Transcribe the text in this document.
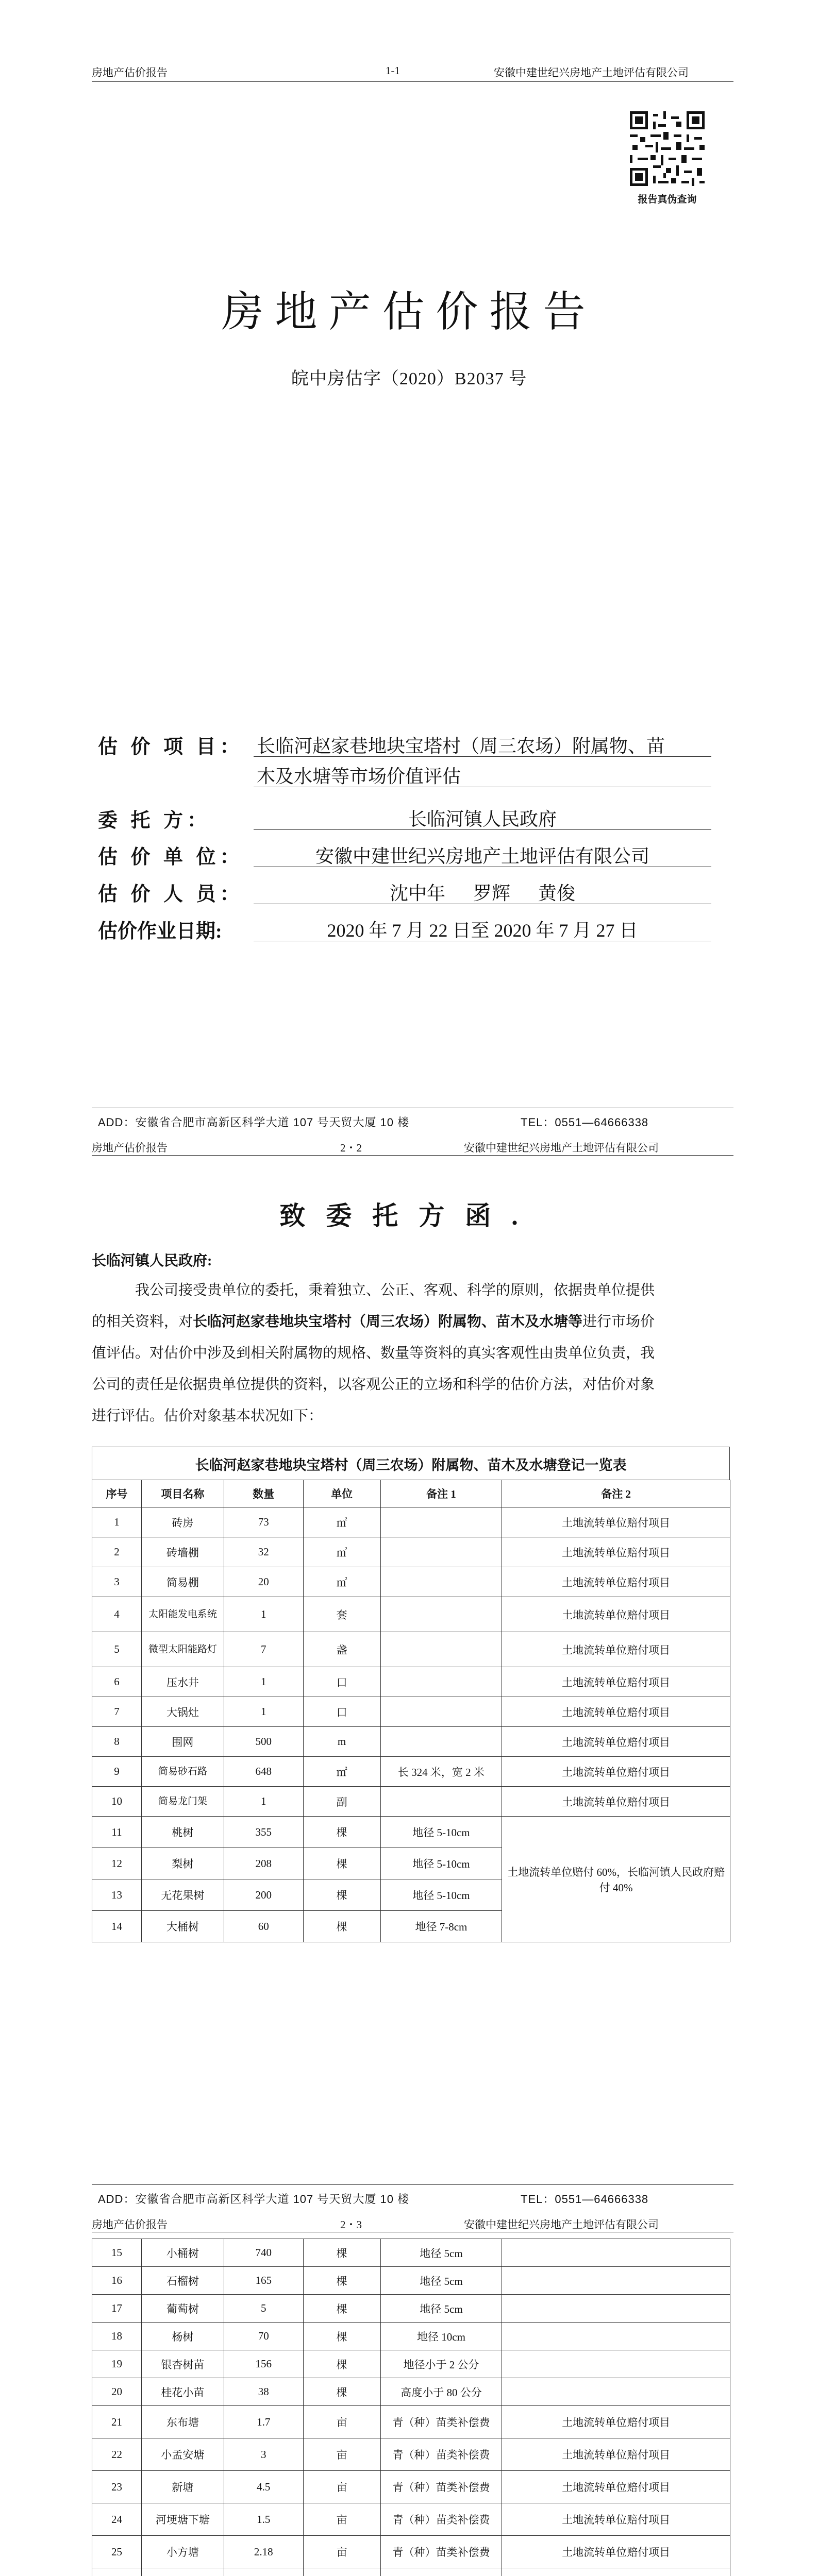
房地产估价报告	1-1	安徽中建世纪兴房地产土地评估有限公司
报告真伪查询
房地产估价报告
皖中房估字（2020）B2037 号
估 价 项 目： 长临河赵家巷地块宝塔村（周三农场）附属物、苗
木及水塘等市场价值评估
委 托 方：	长临河镇人民政府
估 价 单 位：	安徽中建世纪兴房地产土地评估有限公司
估 价 人 员：	沈中年      罗辉      黄俊
估价作业日期:	2020 年 7 月 22 日至 2020 年 7 月 27 日
ADD：安徽省合肥市高新区科学大道 107 号天贸大厦 10 楼	TEL：0551—64666338
房地产估价报告	2・2	安徽中建世纪兴房地产土地评估有限公司
致委托方函.
长临河镇人民政府:
我公司接受贵单位的委托，秉着独立、公正、客观、科学的原则，依据贵单位提供
的相关资料，对长临河赵家巷地块宝塔村（周三农场）附属物、苗木及水塘等进行市场价
值评估。对估价中涉及到相关附属物的规格、数量等资料的真实客观性由贵单位负责，我
公司的责任是依据贵单位提供的资料，以客观公正的立场和科学的估价方法，对估价对象
进行评估。估价对象基本状况如下：
长临河赵家巷地块宝塔村（周三农场）附属物、苗木及水塘登记一览表
序号	项目名称	数量	单位	备注 1	备注 2
1	砖房	73	㎡		土地流转单位赔付项目
2	砖墙棚	32	㎡		土地流转单位赔付项目
3	简易棚	20	㎡		土地流转单位赔付项目
4	太阳能发电系统	1	套		土地流转单位赔付项目
5	微型太阳能路灯	7	盏		土地流转单位赔付项目
6	压水井	1	口		土地流转单位赔付项目
7	大锅灶	1	口		土地流转单位赔付项目
8	围网	500	m		土地流转单位赔付项目
9	简易砂石路	648	㎡	长 324 米，宽 2 米	土地流转单位赔付项目
10	简易龙门架	1	副		土地流转单位赔付项目
11	桃树	355	棵	地径 5-10cm	土地流转单位赔付 60%，长临河镇人民政府赔付 40%
12	梨树	208	棵	地径 5-10cm	
13	无花果树	200	棵	地径 5-10cm	
14	大桶树	60	棵	地径 7-8cm	
ADD：安徽省合肥市高新区科学大道 107 号天贸大厦 10 楼	TEL：0551—64666338
房地产估价报告	2・3	安徽中建世纪兴房地产土地评估有限公司
15	小桶树	740	棵	地径 5cm	
16	石榴树	165	棵	地径 5cm	
17	葡萄树	5	棵	地径 5cm	
18	杨树	70	棵	地径 10cm	
19	银杏树苗	156	棵	地径小于 2 公分	
20	桂花小苗	38	棵	高度小于 80 公分	
21	东布塘	1.7	亩	青（种）苗类补偿费	土地流转单位赔付项目
22	小孟安塘	3	亩	青（种）苗类补偿费	土地流转单位赔付项目
23	新塘	4.5	亩	青（种）苗类补偿费	土地流转单位赔付项目
24	河埂塘下塘	1.5	亩	青（种）苗类补偿费	土地流转单位赔付项目
25	小方塘	2.18	亩	青（种）苗类补偿费	土地流转单位赔付项目
